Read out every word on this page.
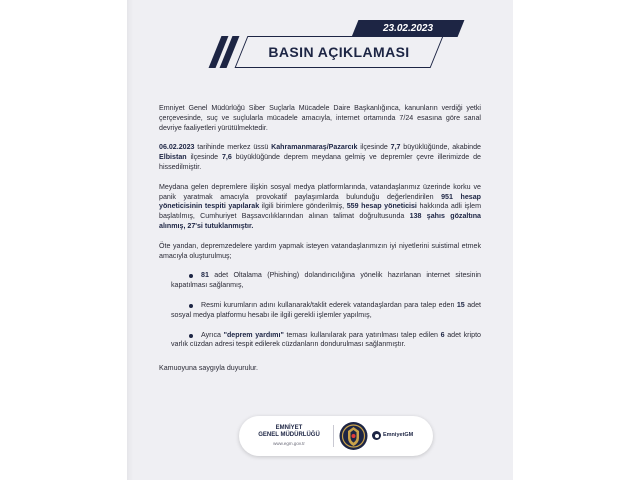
23.02.2023
BASIN AÇIKLAMASI

Emniyet Genel Müdürlüğü Siber Suçlarla Mücadele Daire Başkanlığınca, kanunların verdiği yetki çerçevesinde, suç ve suçlularla mücadele amacıyla, internet ortamında 7/24 esasına göre sanal devriye faaliyetleri yürütülmektedir.

06.02.2023 tarihinde merkez üssü Kahramanmaraş/Pazarcık ilçesinde 7,7 büyüklüğünde, akabinde Elbistan ilçesinde 7,6 büyüklüğünde deprem meydana gelmiş ve depremler çevre illerimizde de hissedilmiştir.

Meydana gelen depremlere ilişkin sosyal medya platformlarında, vatandaşlarımız üzerinde korku ve panik yaratmak amacıyla provokatif paylaşımlarda bulunduğu değerlendirilen 951 hesap yöneticisinin tespiti yapılarak ilgili birimlere gönderilmiş, 559 hesap yöneticisi hakkında adli işlem başlatılmış, Cumhuriyet Başsavcılıklarından alınan talimat doğrultusunda 138 şahıs gözaltına alınmış, 27'si tutuklanmıştır.

Öte yandan, depremzedelere yardım yapmak isteyen vatandaşlarımızın iyi niyetlerini suistimal etmek amacıyla oluşturulmuş;

81 adet Oltalama (Phishing) dolandırıcılığına yönelik hazırlanan internet sitesinin kapatılması sağlanmış,
Resmi kurumların adını kullanarak/taklit ederek vatandaşlardan para talep eden 15 adet sosyal medya platformu hesabı ile ilgili gerekli işlemler yapılmış,
Ayrıca "deprem yardımı" teması kullanılarak para yatırılması talep edilen 6 adet kripto varlık cüzdan adresi tespit edilerek cüzdanların dondurulması sağlanmıştır.

Kamuoyuna saygıyla duyurulur.

EMNİYET
GENEL MÜDÜRLÜĞÜ
www.egm.gov.tr
EmniyetGM
